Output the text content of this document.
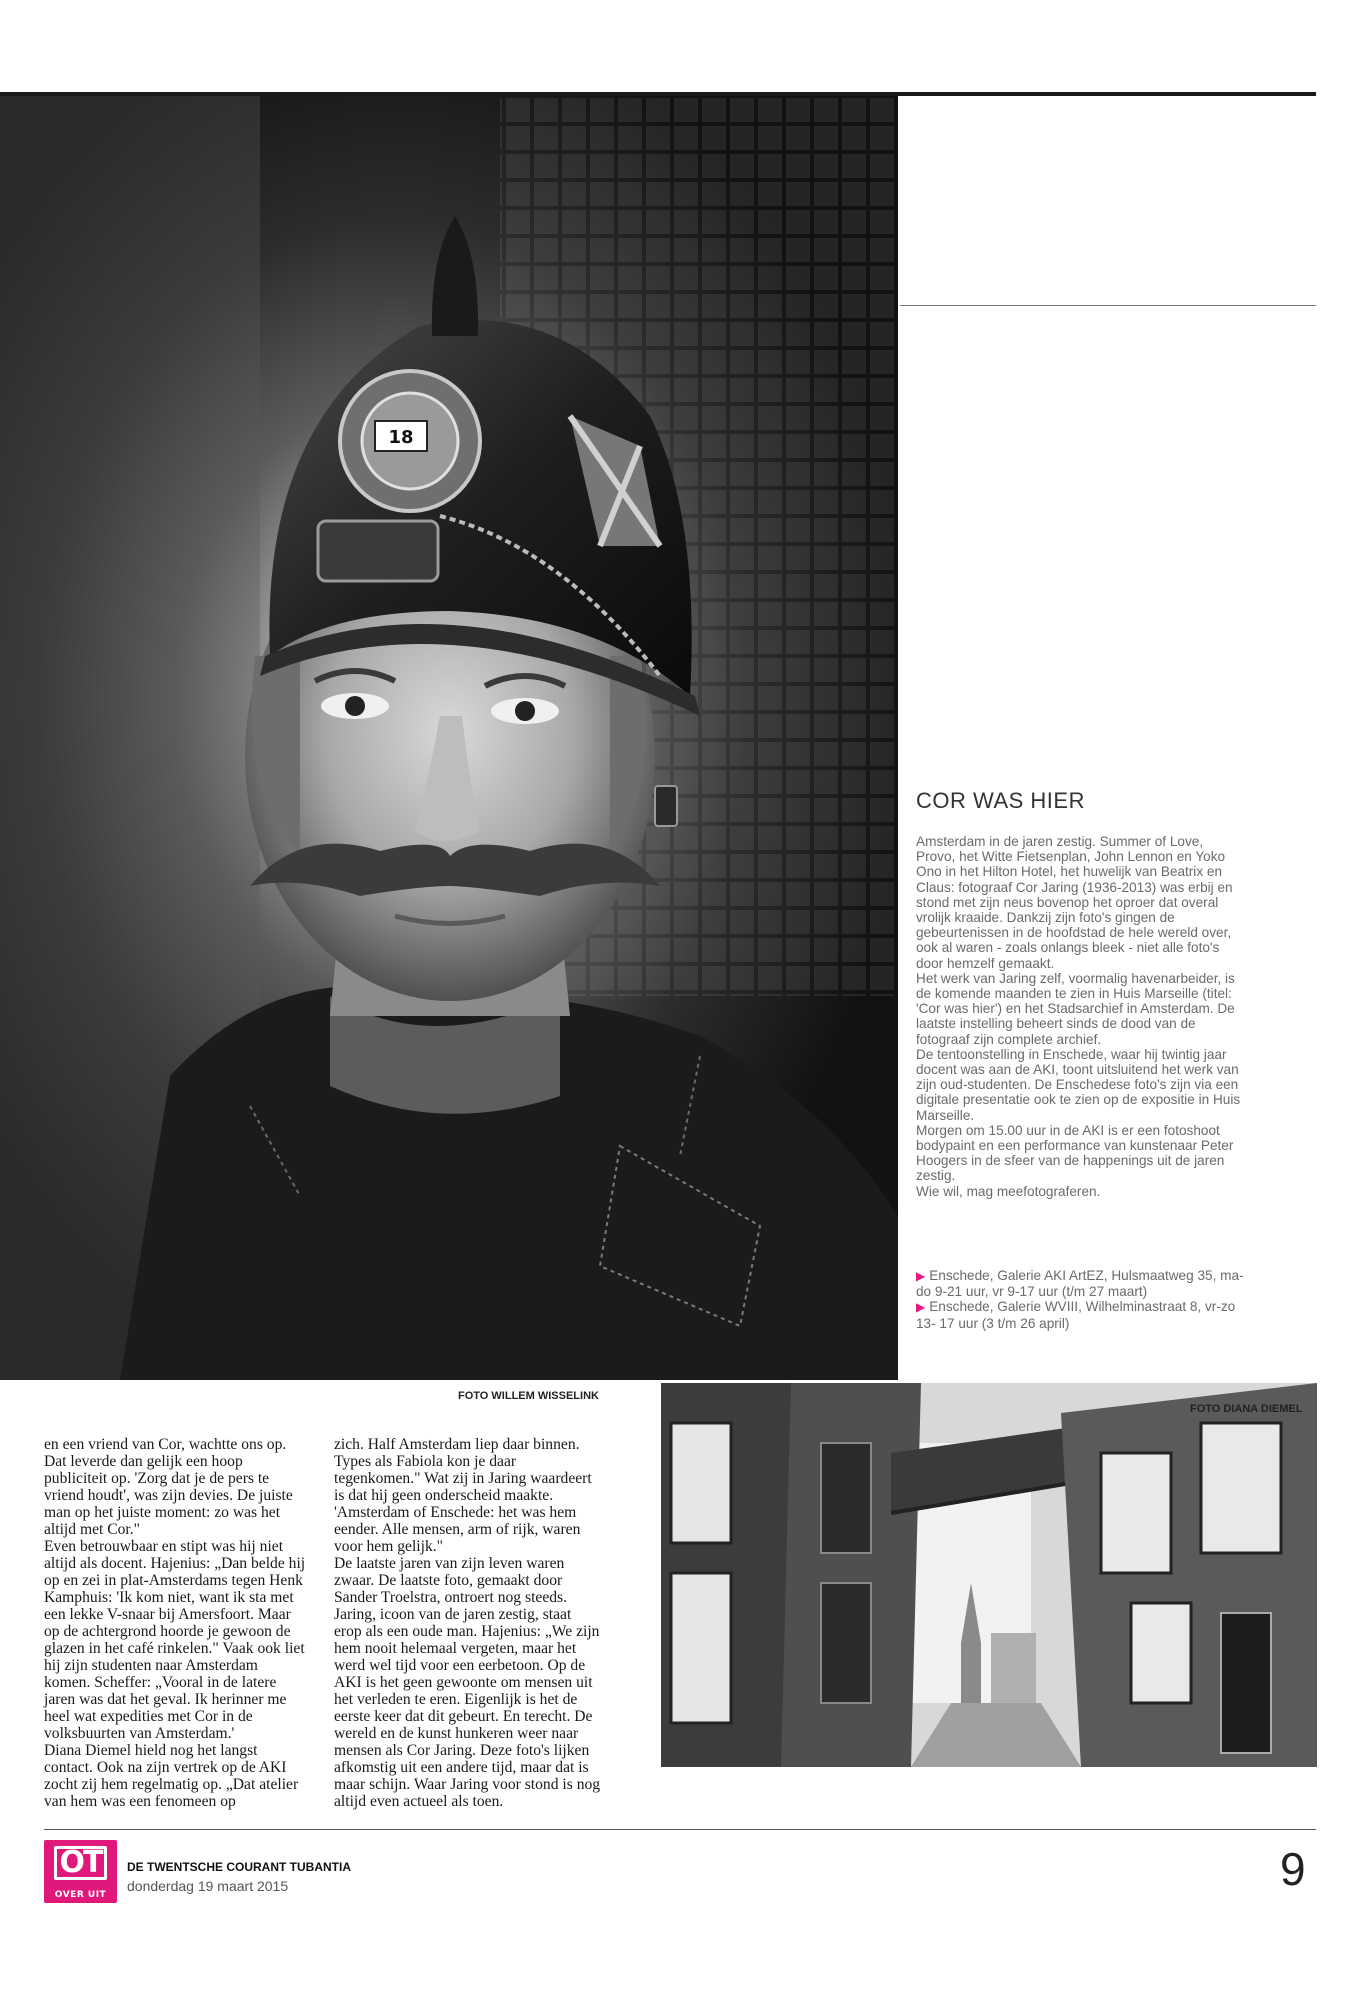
18
COR WAS HIER

Amsterdam in de jaren zestig. Summer of Love, Provo, het Witte Fietsenplan, John Lennon en Yoko Ono in het Hilton Hotel, het huwelijk van Beatrix en Claus: fotograaf Cor Jaring (1936-2013) was erbij en stond met zijn neus bovenop het oproer dat overal vrolijk kraaide. Dankzij zijn foto's gingen de gebeurtenissen in de hoofdstad de hele wereld over, ook al waren - zoals onlangs bleek - niet alle foto's door hemzelf gemaakt.

Het werk van Jaring zelf, voormalig havenarbeider, is de komende maanden te zien in Huis Marseille (titel: 'Cor was hier') en het Stadsarchief in Amsterdam. De laatste instelling beheert sinds de dood van de fotograaf zijn complete archief.

De tentoonstelling in Enschede, waar hij twintig jaar docent was aan de AKI, toont uitsluitend het werk van zijn oud-studenten. De Enschedese foto's zijn via een digitale presentatie ook te zien op de expositie in Huis Marseille.

Morgen om 15.00 uur in de AKI is er een fotoshoot bodypaint en een performance van kunstenaar Peter Hoogers in de sfeer van de happenings uit de jaren zestig.

Wie wil, mag meefotograferen.

▶ Enschede, Galerie AKI ArtEZ, Hulsmaatweg 35, ma-do 9-21 uur, vr 9-17 uur (t/m 27 maart)

▶ Enschede, Galerie WVIII, Wilhelminastraat 8, vr-zo 13- 17 uur (3 t/m 26 april)

FOTO WILLEM WISSELINK

en een vriend van Cor, wachtte ons op. Dat leverde dan gelijk een hoop publiciteit op. 'Zorg dat je de pers te vriend houdt', was zijn devies. De juiste man op het juiste moment: zo was het altijd met Cor."

Even betrouwbaar en stipt was hij niet altijd als docent. Hajenius: „Dan belde hij op en zei in plat-Amsterdams tegen Henk Kamphuis: 'Ik kom niet, want ik sta met een lekke V-snaar bij Amersfoort. Maar op de achtergrond hoorde je gewoon de glazen in het café rinkelen." Vaak ook liet hij zijn studenten naar Amsterdam komen. Scheffer: „Vooral in de latere jaren was dat het geval. Ik herinner me heel wat expedities met Cor in de volksbuurten van Amsterdam.'

Diana Diemel hield nog het langst contact. Ook na zijn vertrek op de AKI zocht zij hem regelmatig op. „Dat atelier van hem was een fenomeen op

zich. Half Amsterdam liep daar binnen. Types als Fabiola kon je daar tegenkomen." Wat zij in Jaring waardeert is dat hij geen onderscheid maakte. 'Amsterdam of Enschede: het was hem eender. Alle mensen, arm of rijk, waren voor hem gelijk."

De laatste jaren van zijn leven waren zwaar. De laatste foto, gemaakt door Sander Troelstra, ontroert nog steeds. Jaring, icoon van de jaren zestig, staat erop als een oude man. Hajenius: „We zijn hem nooit helemaal vergeten, maar het werd wel tijd voor een eerbetoon. Op de AKI is het geen gewoonte om mensen uit het verleden te eren. Eigenlijk is het de eerste keer dat dit gebeurt. En terecht. De wereld en de kunst hunkeren weer naar mensen als Cor Jaring. Deze foto's lijken afkomstig uit een andere tijd, maar dat is maar schijn. Waar Jaring voor stond is nog altijd even actueel als toen.

FOTO DIANA DIEMEL
OT
OVER UIT
DE TWENTSCHE COURANT TUBANTIA
donderdag 19 maart 2015	9
